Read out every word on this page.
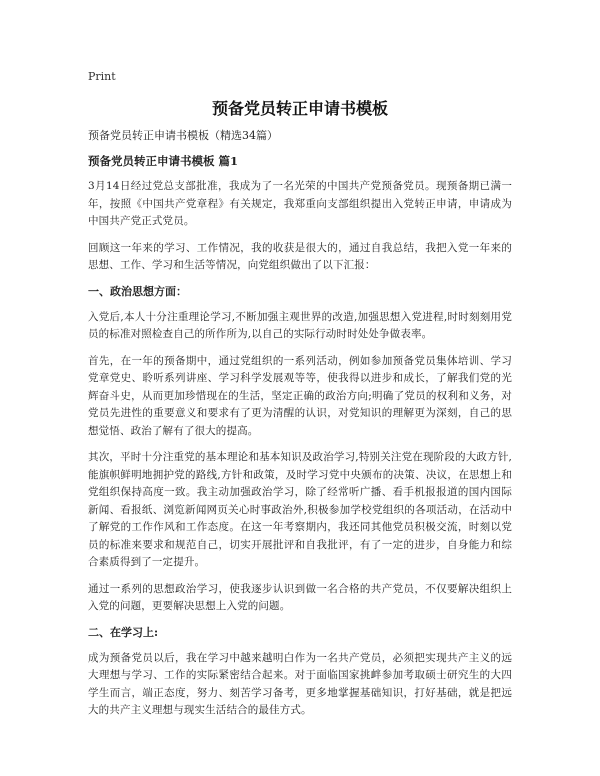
Print
预备党员转正申请书模板
预备党员转正申请书模板（精选34篇）
预备党员转正申请书模板 篇1

3月14日经过党总支部批准，我成为了一名光荣的中国共产党预备党员。现预备期已满一年，按照《中国共产党章程》有关规定，我郑重向支部组织提出入党转正申请，申请成为中国共产党正式党员。

回顾这一年来的学习、工作情况，我的收获是很大的，通过自我总结，我把入党一年来的思想、工作、学习和生活等情况，向党组织做出了以下汇报：

一、政治思想方面：

入党后,本人十分注重理论学习,不断加强主观世界的改造,加强思想入党进程,时时刻刻用党员的标准对照检查自己的所作所为,以自己的实际行动时时处处争做表率。

首先，在一年的预备期中，通过党组织的一系列活动，例如参加预备党员集体培训、学习党章党史、聆听系列讲座、学习科学发展观等等，使我得以进步和成长，了解我们党的光辉奋斗史，从而更加珍惜现在的生活，坚定正确的政治方向;明确了党员的权利和义务，对党员先进性的重要意义和要求有了更为清醒的认识，对党知识的理解更为深刻，自己的思想觉悟、政治了解有了很大的提高。

其次，平时十分注重党的基本理论和基本知识及政治学习,特别关注党在现阶段的大政方针,能旗帜鲜明地拥护党的路线,方针和政策，及时学习党中央颁布的决策、决议，在思想上和党组织保持高度一致。我主动加强政治学习，除了经常听广播、看手机报报道的国内国际新闻、看报纸、浏览新闻网页关心时事政治外,积极参加学校党组织的各项活动，在活动中了解党的工作作风和工作态度。在这一年考察期内，我还同其他党员积极交流，时刻以党员的标准来要求和规范自己，切实开展批评和自我批评，有了一定的进步，自身能力和综合素质得到了一定提升。

通过一系列的思想政治学习，使我逐步认识到做一名合格的共产党员，不仅要解决组织上入党的问题，更要解决思想上入党的问题。

二、在学习上:

成为预备党员以后，我在学习中越来越明白作为一名共产党员，必须把实现共产主义的远大理想与学习、工作的实际紧密结合起来。对于面临国家挑衅参加考取硕士研究生的大四学生而言，端正态度，努力、刻苦学习备考，更多地掌握基础知识，打好基础，就是把远大的共产主义理想与现实生活结合的最佳方式。
